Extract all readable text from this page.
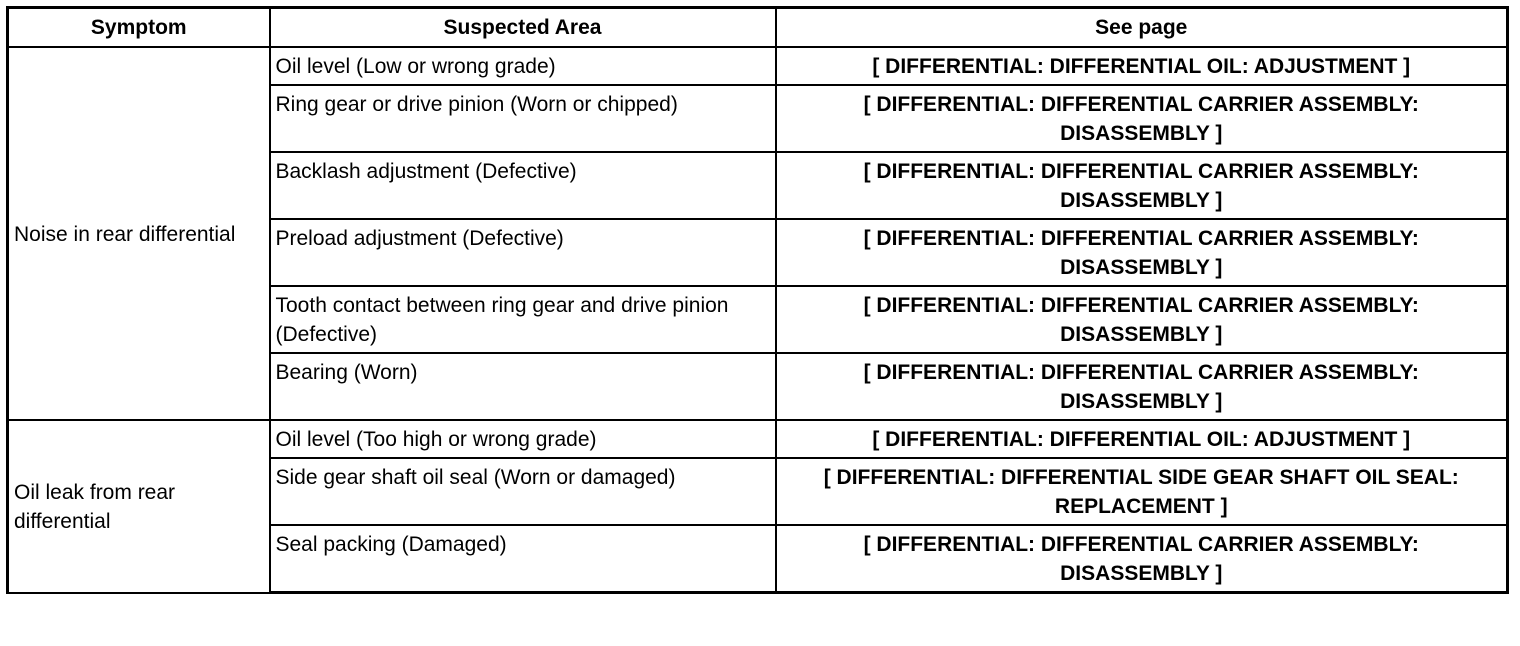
Symptom	Suspected Area	See page
Noise in rear differential	Oil level (Low or wrong grade)	[ DIFFERENTIAL: DIFFERENTIAL OIL: ADJUSTMENT ]
	Ring gear or drive pinion (Worn or chipped)	[ DIFFERENTIAL: DIFFERENTIAL CARRIER ASSEMBLY: DISASSEMBLY ]
	Backlash adjustment (Defective)	[ DIFFERENTIAL: DIFFERENTIAL CARRIER ASSEMBLY: DISASSEMBLY ]
	Preload adjustment (Defective)	[ DIFFERENTIAL: DIFFERENTIAL CARRIER ASSEMBLY: DISASSEMBLY ]
	Tooth contact between ring gear and drive pinion (Defective)	[ DIFFERENTIAL: DIFFERENTIAL CARRIER ASSEMBLY: DISASSEMBLY ]
	Bearing (Worn)	[ DIFFERENTIAL: DIFFERENTIAL CARRIER ASSEMBLY: DISASSEMBLY ]
Oil leak from rear differential	Oil level (Too high or wrong grade)	[ DIFFERENTIAL: DIFFERENTIAL OIL: ADJUSTMENT ]
	Side gear shaft oil seal (Worn or damaged)	[ DIFFERENTIAL: DIFFERENTIAL SIDE GEAR SHAFT OIL SEAL: REPLACEMENT ]
	Seal packing (Damaged)	[ DIFFERENTIAL: DIFFERENTIAL CARRIER ASSEMBLY: DISASSEMBLY ]
